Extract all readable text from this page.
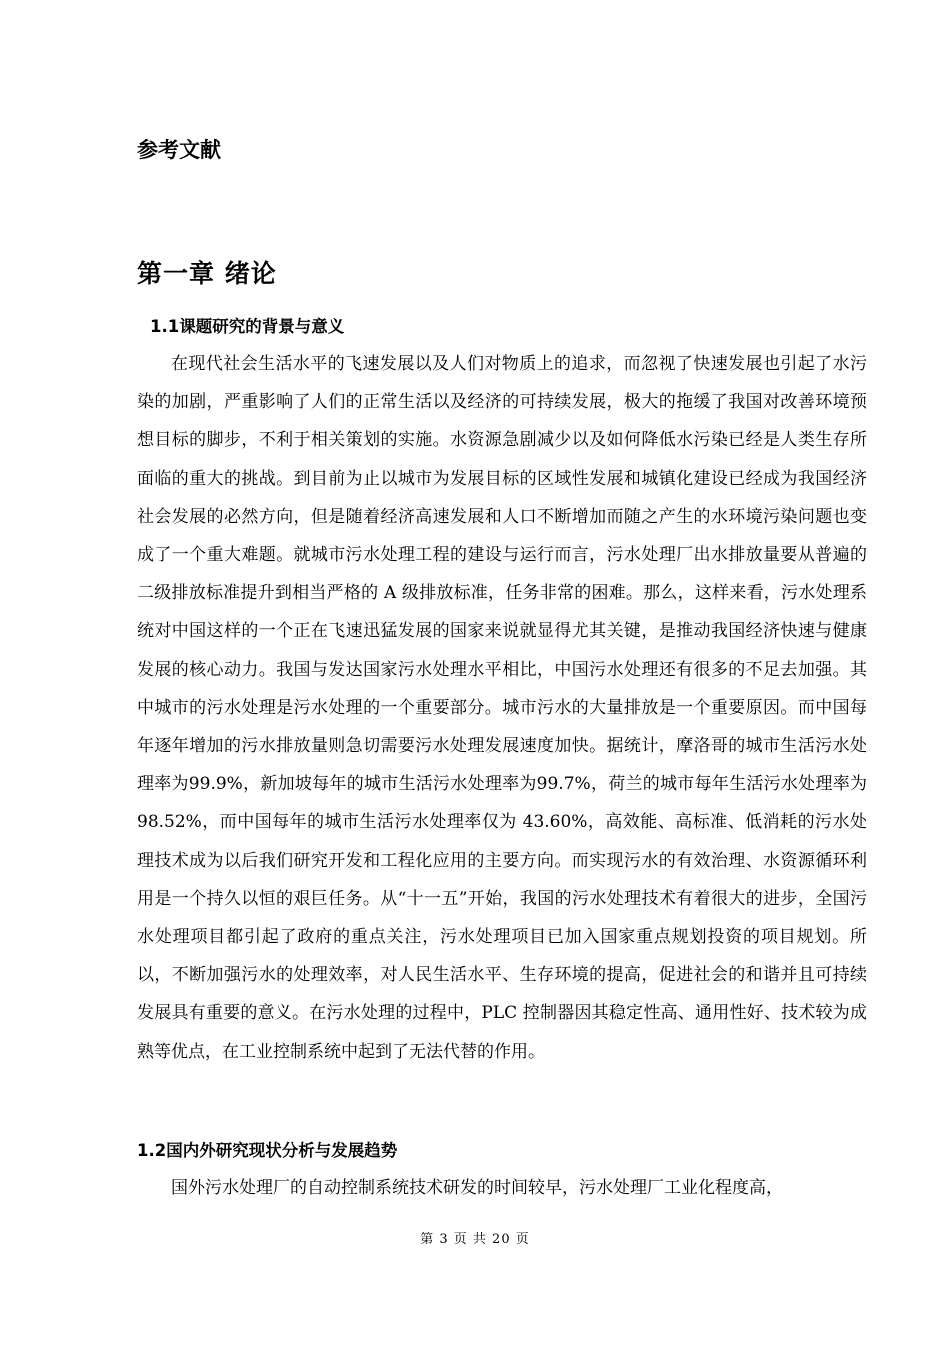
参考文献
第一章 绪论
1.1课题研究的背景与意义

在现代社会生活水平的飞速发展以及人们对物质上的追求，而忽视了快速发展也引起了水污染的加剧，严重影响了人们的正常生活以及经济的可持续发展，极大的拖缓了我国对改善环境预想目标的脚步，不利于相关策划的实施。水资源急剧减少以及如何降低水污染已经是人类生存所面临的重大的挑战。到目前为止以城市为发展目标的区域性发展和城镇化建设已经成为我国经济社会发展的必然方向，但是随着经济高速发展和人口不断增加而随之产生的水环境污染问题也变成了一个重大难题。就城市污水处理工程的建设与运行而言，污水处理厂出水排放量要从普遍的二级排放标准提升到相当严格的 A 级排放标准，任务非常的困难。那么，这样来看，污水处理系统对中国这样的一个正在飞速迅猛发展的国家来说就显得尤其关键，是推动我国经济快速与健康发展的核心动力。我国与发达国家污水处理水平相比，中国污水处理还有很多的不足去加强。其中城市的污水处理是污水处理的一个重要部分。城市污水的大量排放是一个重要原因。而中国每年逐年增加的污水排放量则急切需要污水处理发展速度加快。据统计，摩洛哥的城市生活污水处理率为99.9%，新加坡每年的城市生活污水处理率为99.7%，荷兰的城市每年生活污水处理率为 98.52%，而中国每年的城市生活污水处理率仅为 43.60%，高效能、高标准、低消耗的污水处理技术成为以后我们研究开发和工程化应用的主要方向。而实现污水的有效治理、水资源循环利用是一个持久以恒的艰巨任务。从“十一五”开始，我国的污水处理技术有着很大的进步，全国污水处理项目都引起了政府的重点关注，污水处理项目已加入国家重点规划投资的项目规划。所以，不断加强污水的处理效率，对人民生活水平、生存环境的提高，促进社会的和谐并且可持续发展具有重要的意义。在污水处理的过程中，PLC 控制器因其稳定性高、通用性好、技术较为成熟等优点，在工业控制系统中起到了无法代替的作用。

1.2国内外研究现状分析与发展趋势

国外污水处理厂的自动控制系统技术研发的时间较早，污水处理厂工业化程度高，

第 3 页 共 20 页
